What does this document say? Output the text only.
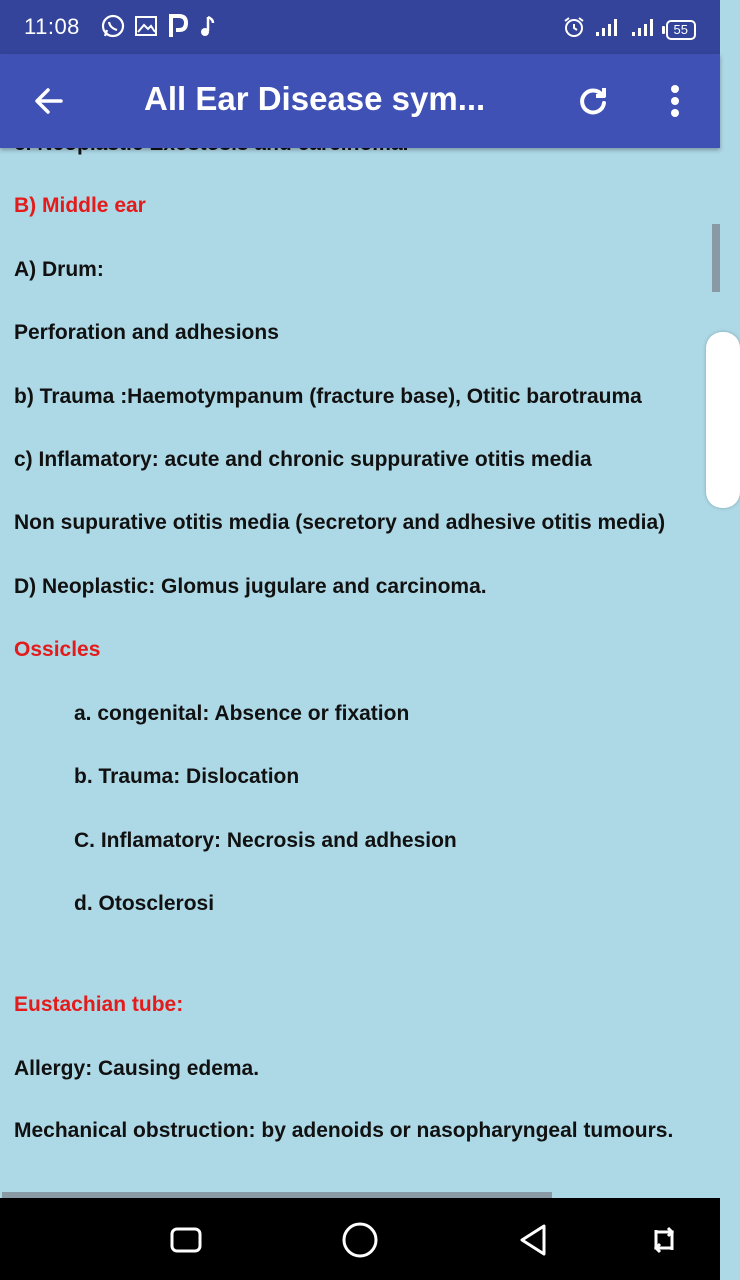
11:08	55
All Ear Disease sym...
B) Middle ear
A) Drum:
Perforation and adhesions
b) Trauma :Haemotympanum (fracture base), Otitic barotrauma
c) Inflamatory: acute and chronic suppurative otitis media
Non supurative otitis media (secretory and adhesive otitis media)
D) Neoplastic: Glomus jugulare and carcinoma.
Ossicles
a. congenital: Absence or fixation
b. Trauma: Dislocation
C. Inflamatory: Necrosis and adhesion
d. Otosclerosi
Eustachian tube:
Allergy: Causing edema.
Mechanical obstruction: by adenoids or nasopharyngeal tumours.
